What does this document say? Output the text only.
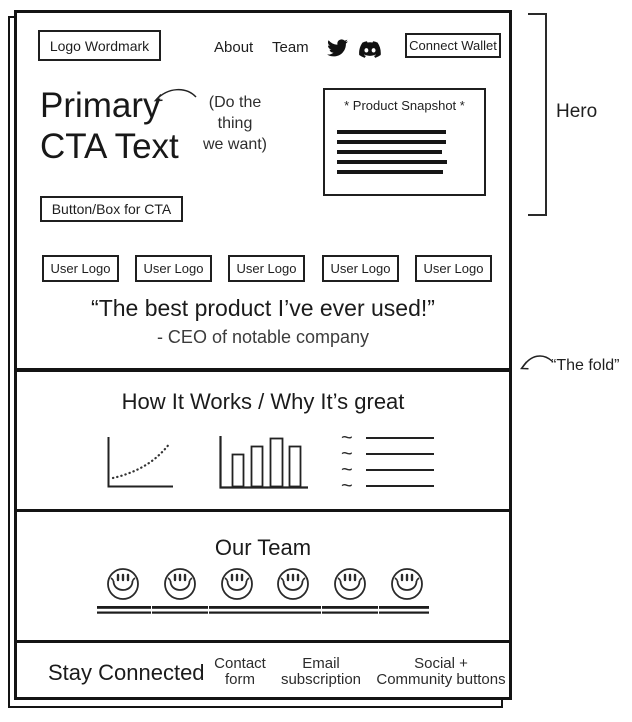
Logo Wordmark	About Team	Connect Wallet
Primary
CTA Text
(Do the thing
we want)
* Product Snapshot *
Button/Box for CTA
User Logo	User Logo	User Logo	User Logo	User Logo
“The best product I’ve ever used!”
- CEO of notable company
How It Works / Why It’s great
~
~
~
~
Our Team
Stay Connected Contact
form
Email
subscription
Social +
Community buttons
Hero
“The fold”
